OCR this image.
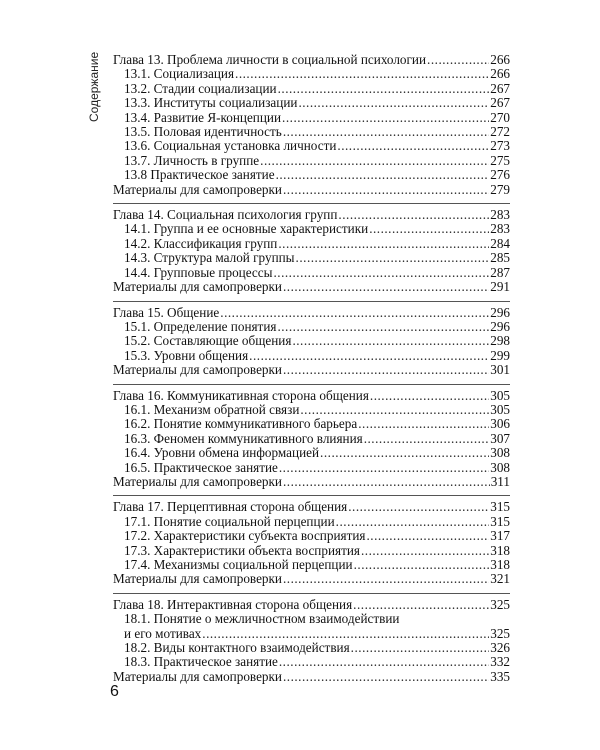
Содержание Глава 13. Проблема личности в социальной психологии .....	266
13.1. Социализация .....	266
13.2. Стадии социализации .....	267
13.3. Институты социализации .....	267
13.4. Развитие Я-концепции .....	270
13.5. Половая идентичность .....	272
13.6. Социальная установка личности .....	273
13.7. Личность в группе .....	275
13.8 Практическое занятие .....	276
Материалы для самопроверки .....	279
Глава 14. Социальная психология групп .....	283
14.1. Группа и ее основные характеристики .....	283
14.2. Классификация групп .....	284
14.3. Структура малой группы .....	285
14.4. Групповые процессы .....	287
Материалы для самопроверки .....	291
Глава 15. Общение .....	296
15.1. Определение понятия .....	296
15.2. Составляющие общения .....	298
15.3. Уровни общения .....	299
Материалы для самопроверки .....	301
Глава 16. Коммуникативная сторона общения .....	305
16.1. Механизм обратной связи .....	305
16.2. Понятие коммуникативного барьера .....	306
16.3. Феномен коммуникативного влияния .....	307
16.4. Уровни обмена информацией .....	308
16.5. Практическое занятие .....	308
Материалы для самопроверки .....	311
Глава 17. Перцептивная сторона общения .....	315
17.1. Понятие социальной перцепции .....	315
17.2. Характеристики субъекта восприятия .....	317
17.3. Характеристики объекта восприятия .....	318
17.4. Механизмы социальной перцепции .....	318
Материалы для самопроверки .....	321
Глава 18. Интерактивная сторона общения .....	325
18.1. Понятие о межличностном взаимодействии
и его мотивах .....	325
18.2. Виды контактного взаимодействия .....	326
18.3. Практическое занятие .....	332
Материалы для самопроверки .....	335
6
